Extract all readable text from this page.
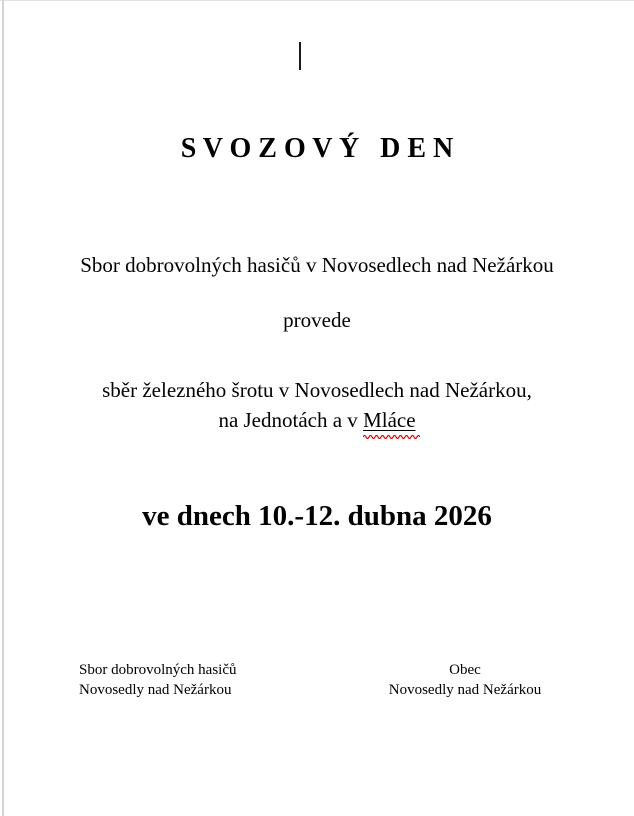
S V O Z O V Ý   D E N
Sbor dobrovolných hasičů v Novosedlech nad Nežárkou
provede
sběr železného šrotu v Novosedlech nad Nežárkou,
na Jednotách a v Mláce
ve dnech 10.-12. dubna 2026
Sbor dobrovolných hasičů
Novosedly nad Nežárkou
Obec
Novosedly nad Nežárkou
